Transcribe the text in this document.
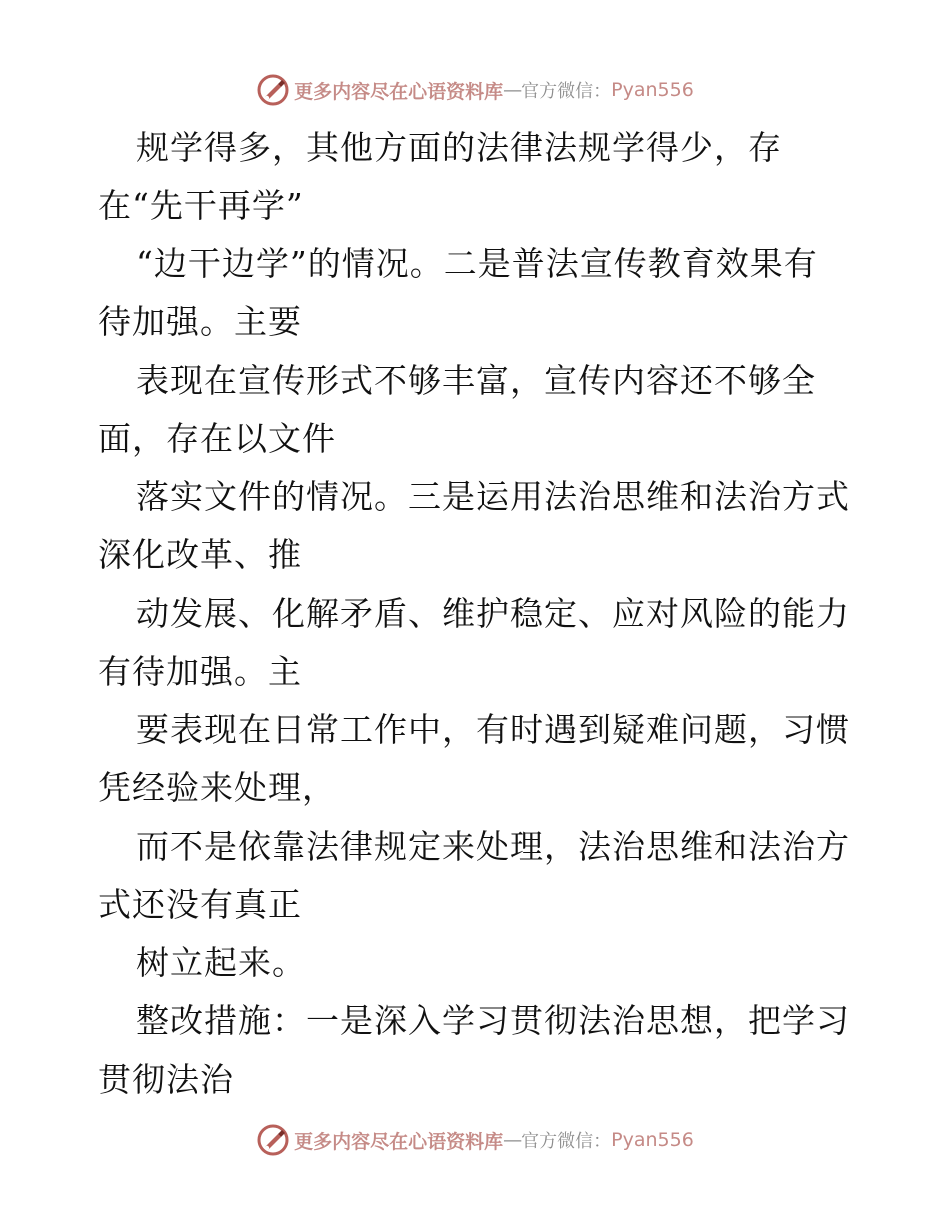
更多内容尽在心语资料库 — 官方微信： Pyan556
规学得多，其他方面的法律法规学得少，存
在“先干再学”
“边干边学”的情况。二是普法宣传教育效果有
待加强。主要
表现在宣传形式不够丰富，宣传内容还不够全
面，存在以文件
落实文件的情况。三是运用法治思维和法治方式
深化改革、推
动发展、化解矛盾、维护稳定、应对风险的能力
有待加强。主
要表现在日常工作中，有时遇到疑难问题，习惯
凭经验来处理，
而不是依靠法律规定来处理，法治思维和法治方
式还没有真正
树立起来。
整改措施：一是深入学习贯彻法治思想，把学习
贯彻法治
更多内容尽在心语资料库 — 官方微信： Pyan556
